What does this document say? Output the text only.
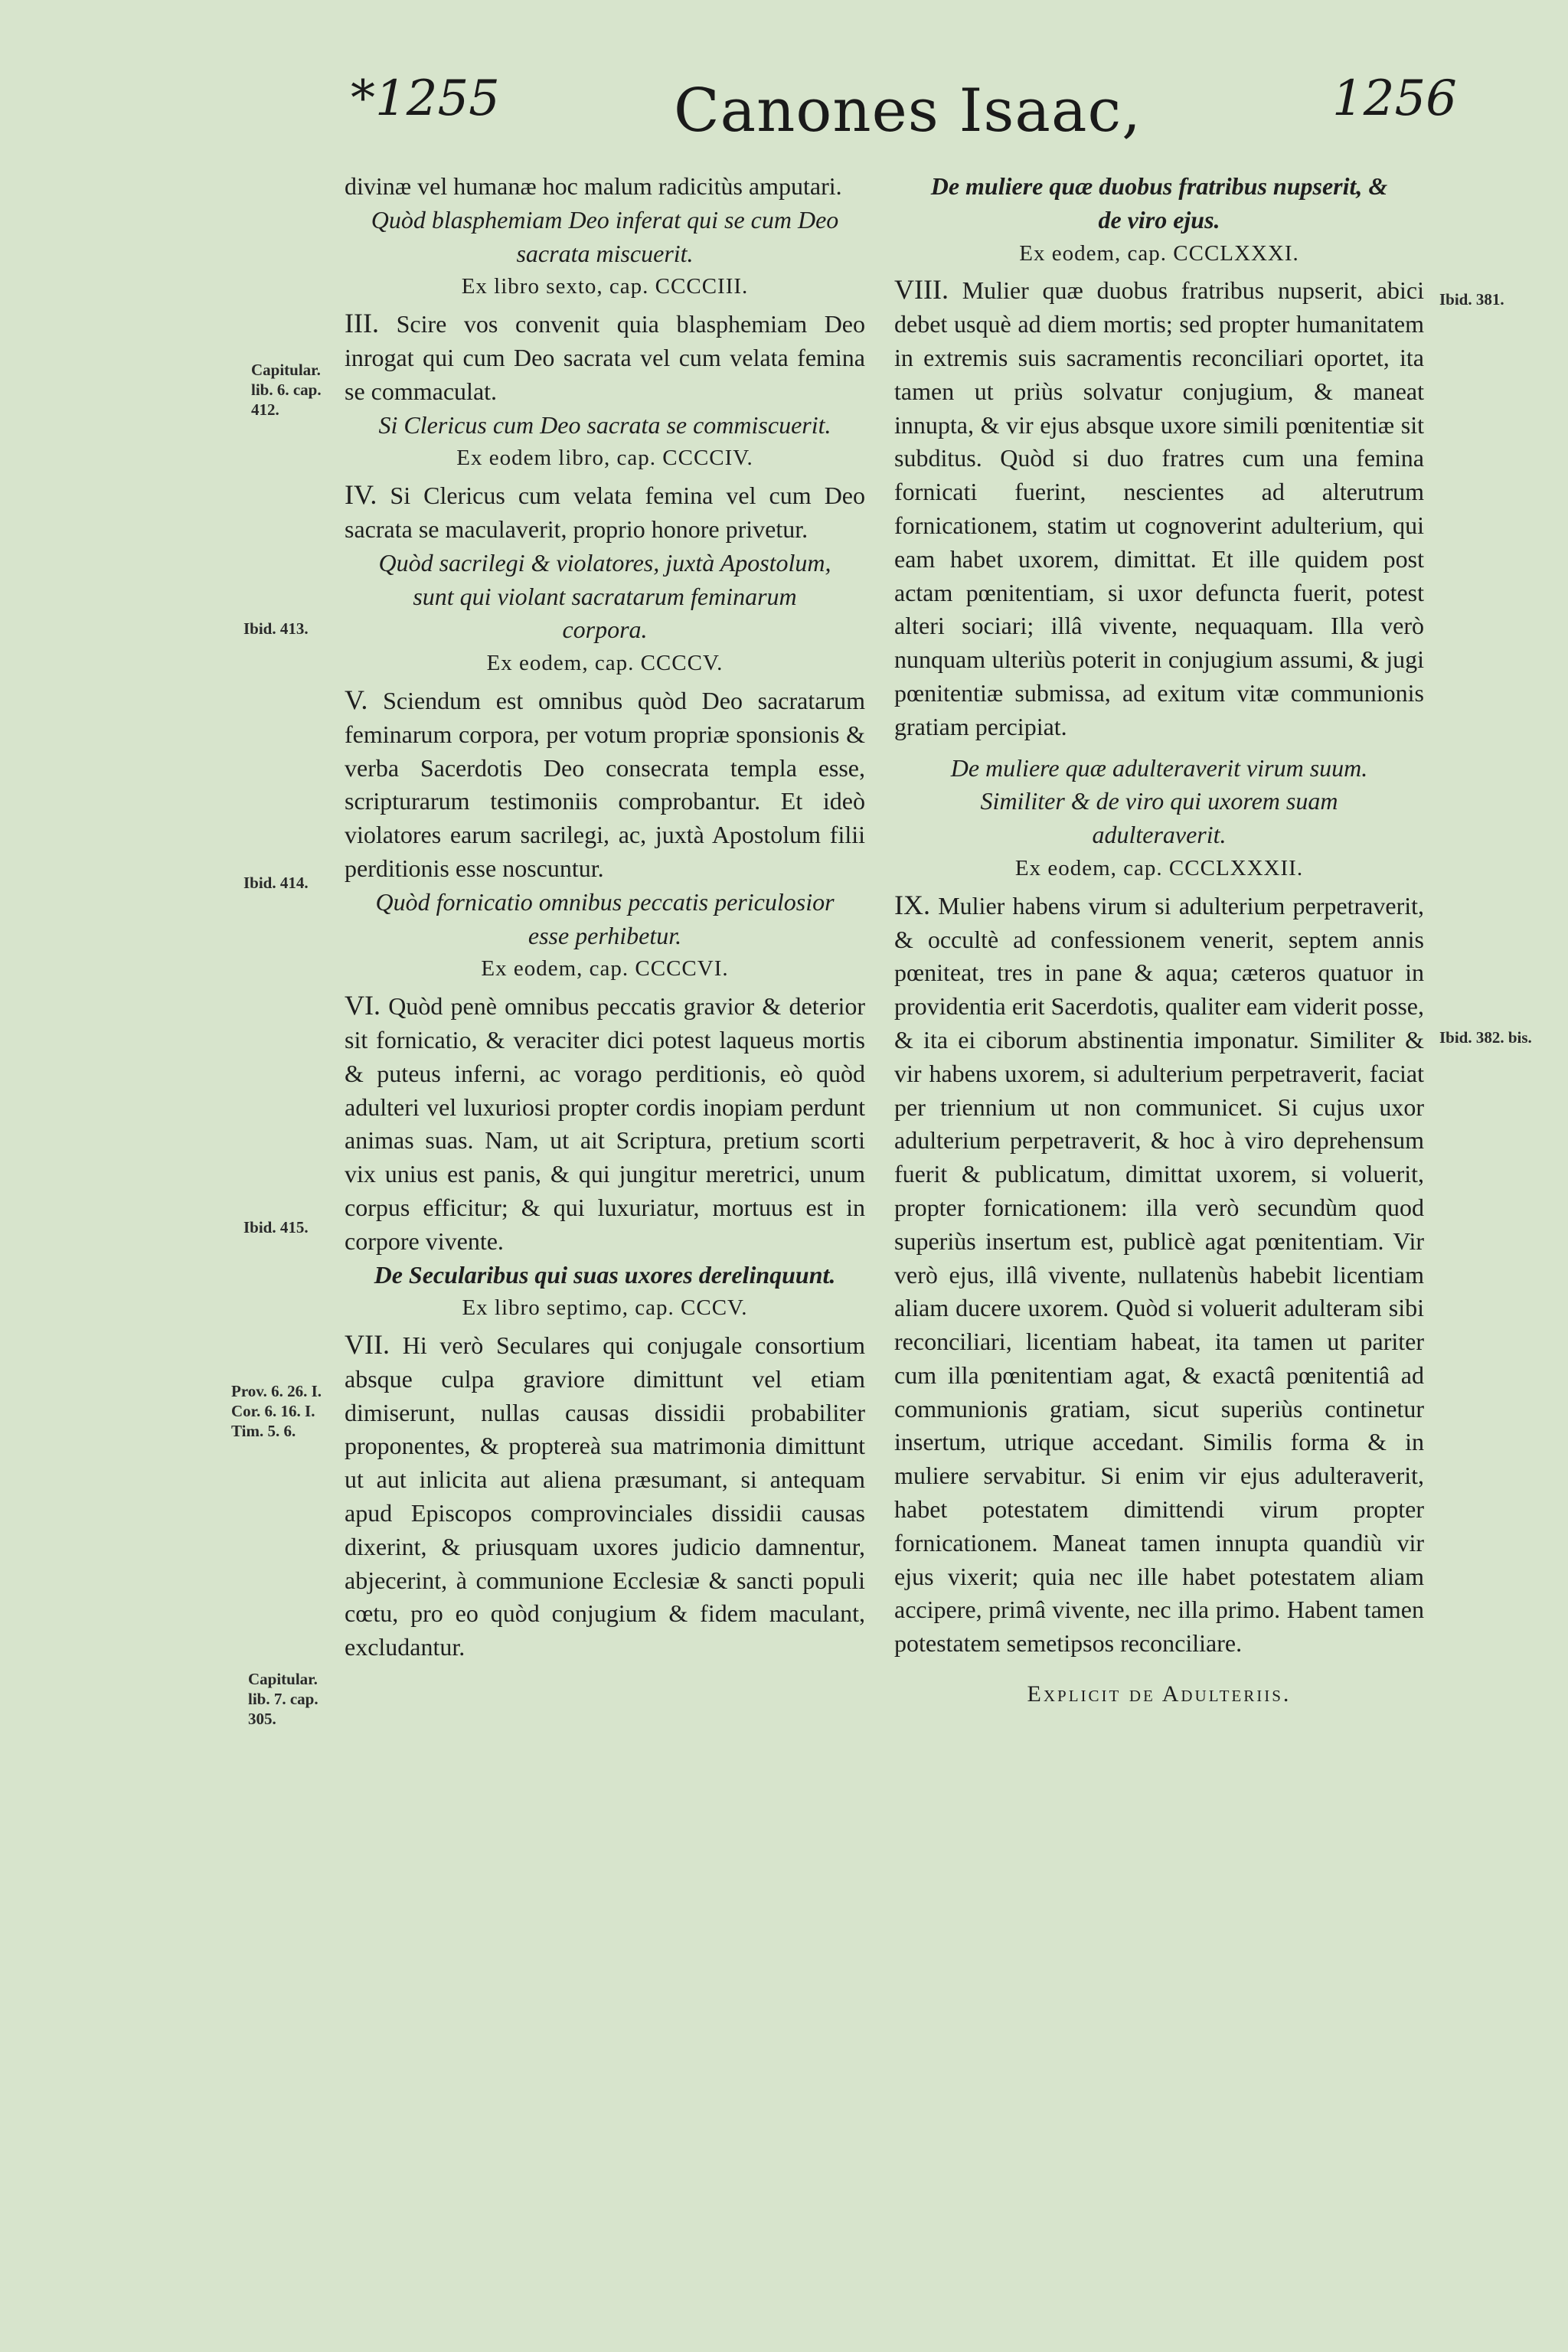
*1255	Canones Isaac,	1256

divinæ vel humanæ hoc malum radicitùs amputari.

Quòd blasphemiam Deo inferat qui se cum Deo sacrata miscuerit.

Ex libro sexto, cap. CCCCIII.

III. Scire vos convenit quia blasphemiam Deo inrogat qui cum Deo sacrata vel cum velata femina se commaculat.

Si Clericus cum Deo sacrata se commiscuerit.

Ex eodem libro, cap. CCCCIV.

IV. Si Clericus cum velata femina vel cum Deo sacrata se maculaverit, proprio honore privetur.

Quòd sacrilegi & violatores, juxtà Apostolum, sunt qui violant sacratarum feminarum corpora.

Ex eodem, cap. CCCCV.

V. Sciendum est omnibus quòd Deo sacratarum feminarum corpora, per votum propriæ sponsionis & verba Sacerdotis Deo consecrata templa esse, scripturarum testimoniis comprobantur. Et ideò violatores earum sacrilegi, ac, juxtà Apostolum filii perditionis esse noscuntur.

Quòd fornicatio omnibus peccatis periculosior esse perhibetur.

Ex eodem, cap. CCCCVI.

VI. Quòd penè omnibus peccatis gravior & deterior sit fornicatio, & veraciter dici potest laqueus mortis & puteus inferni, ac vorago perditionis, eò quòd adulteri vel luxuriosi propter cordis inopiam perdunt animas suas. Nam, ut ait Scriptura, pretium scorti vix unius est panis, & qui jungitur meretrici, unum corpus efficitur; & qui luxuriatur, mortuus est in corpore vivente.

De Secularibus qui suas uxores derelinquunt.

Ex libro septimo, cap. CCCV.

VII. Hi verò Seculares qui conjugale consortium absque culpa graviore dimittunt vel etiam dimiserunt, nullas causas dissidii probabiliter proponentes, & proptereà sua matrimonia dimittunt ut aut inlicita aut aliena præsumant, si antequam apud Episcopos comprovinciales dissidii causas dixerint, & priusquam uxores judicio damnentur, abjecerint, à communione Ecclesiæ & sancti populi cœtu, pro eo quòd conjugium & fidem maculant, excludantur.

De muliere quæ duobus fratribus nupserit, & de viro ejus.

Ex eodem, cap. CCCLXXXI.

VIII. Mulier quæ duobus fratribus nupserit, abici debet usquè ad diem mortis; sed propter humanitatem in extremis suis sacramentis reconciliari oportet, ita tamen ut priùs solvatur conjugium, & maneat innupta, & vir ejus absque uxore simili pœnitentiæ sit subditus. Quòd si duo fratres cum una femina fornicati fuerint, nescientes ad alterutrum fornicationem, statim ut cognoverint adulterium, qui eam habet uxorem, dimittat. Et ille quidem post actam pœnitentiam, si uxor defuncta fuerit, potest alteri sociari; illâ vivente, nequaquam. Illa verò nunquam ulteriùs poterit in conjugium assumi, & jugi pœnitentiæ submissa, ad exitum vitæ communionis gratiam percipiat.

De muliere quæ adulteraverit virum suum. Similiter & de viro qui uxorem suam adulteraverit.

Ex eodem, cap. CCCLXXXII.

IX. Mulier habens virum si adulterium perpetraverit, & occultè ad confessionem venerit, septem annis pœniteat, tres in pane & aqua; cæteros quatuor in providentia erit Sacerdotis, qualiter eam viderit posse, & ita ei ciborum abstinentia imponatur. Similiter & vir habens uxorem, si adulterium perpetraverit, faciat per triennium ut non communicet. Si cujus uxor adulterium perpetraverit, & hoc à viro deprehensum fuerit & publicatum, dimittat uxorem, si voluerit, propter fornicationem: illa verò secundùm quod superiùs insertum est, publicè agat pœnitentiam. Vir verò ejus, illâ vivente, nullatenùs habebit licentiam aliam ducere uxorem. Quòd si voluerit adulteram sibi reconciliari, licentiam habeat, ita tamen ut pariter cum illa pœnitentiam agat, & exactâ pœnitentiâ ad communionis gratiam, sicut superiùs continetur insertum, utrique accedant. Similis forma & in muliere servabitur. Si enim vir ejus adulteraverit, habet potestatem dimittendi virum propter fornicationem. Maneat tamen innupta quandiù vir ejus vixerit; quia nec ille habet potestatem aliam accipere, primâ vivente, nec illa primo. Habent tamen potestatem semetipsos reconciliare.

Explicit de Adulteriis.

Capitular. lib. 6. cap. 412.
Ibid. 413.
Ibid. 414.
Ibid. 415.
Prov. 6. 26. I. Cor. 6. 16. I. Tim. 5. 6.
Capitular. lib. 7. cap. 305.
Ibid. 381.
Ibid. 382. bis.
